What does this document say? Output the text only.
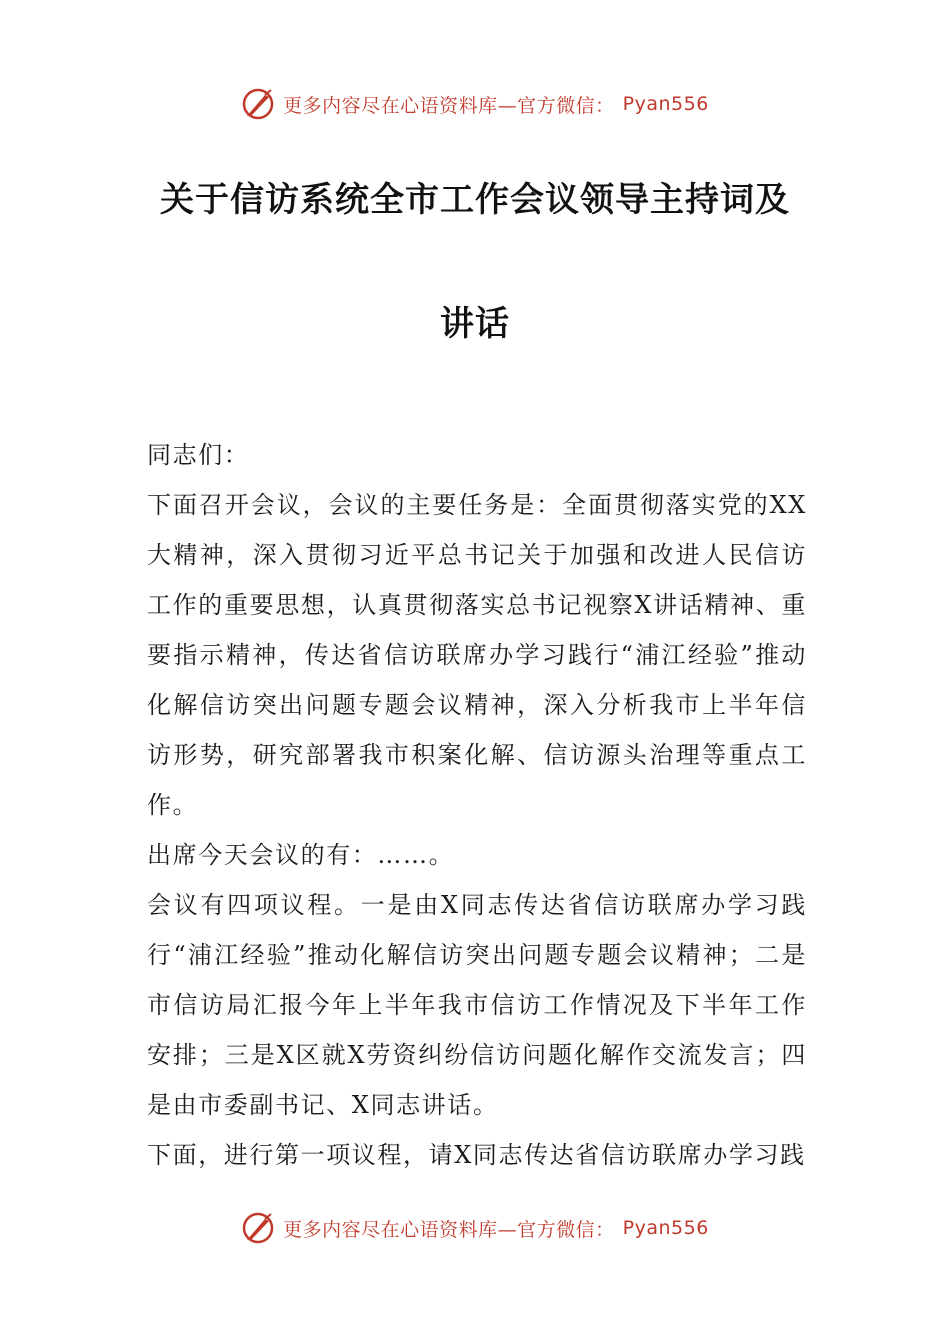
更多内容尽在心语资料库—官方微信： Pyan556
关于信访系统全市工作会议领导主持词及
讲话

同志们：

下面召开会议，会议的主要任务是：全面贯彻落实党的XX大精神，深入贯彻习近平总书记关于加强和改进人民信访工作的重要思想，认真贯彻落实总书记视察X讲话精神、重要指示精神，传达省信访联席办学习践行“浦江经验”推动化解信访突出问题专题会议精神，深入分析我市上半年信访形势，研究部署我市积案化解、信访源头治理等重点工作。

出席今天会议的有：……。

会议有四项议程。一是由X同志传达省信访联席办学习践行“浦江经验”推动化解信访突出问题专题会议精神；二是市信访局汇报今年上半年我市信访工作情况及下半年工作安排；三是X区就X劳资纠纷信访问题化解作交流发言；四是由市委副书记、X同志讲话。

下面，进行第一项议程，请X同志传达省信访联席办学习践

更多内容尽在心语资料库—官方微信： Pyan556
